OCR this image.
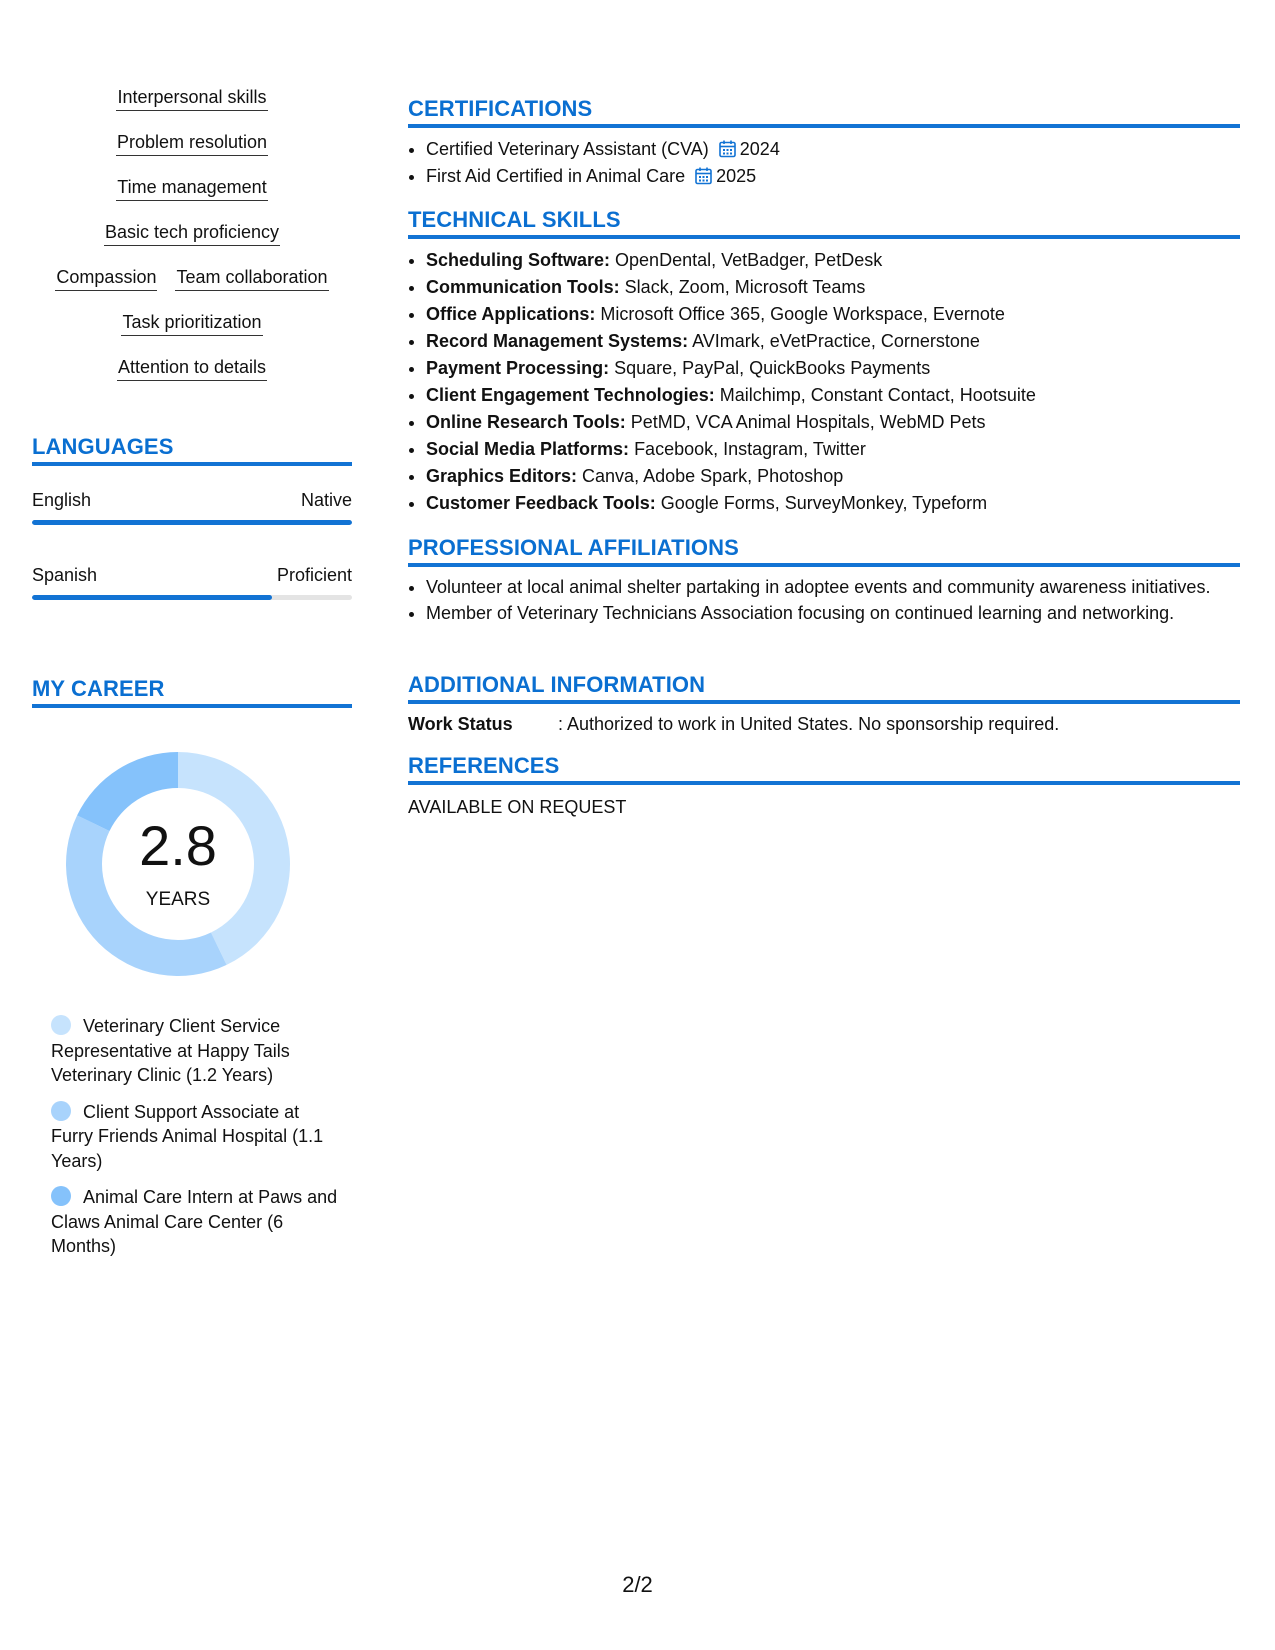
Interpersonal skills
Problem resolution
Time management
Basic tech proficiency
Compassion Team collaboration
Task prioritization
Attention to details
LANGUAGES
English	Native
Spanish	Proficient
MY CAREER
2.8
YEARS
Veterinary Client Service Representative at Happy Tails Veterinary Clinic (1.2 Years)
Client Support Associate at Furry Friends Animal Hospital (1.1 Years)
Animal Care Intern at Paws and Claws Animal Care Center (6 Months)
CERTIFICATIONS
• Certified Veterinary Assistant (CVA) 2024
• First Aid Certified in Animal Care 2025
TECHNICAL SKILLS
• Scheduling Software: OpenDental, VetBadger, PetDesk
• Communication Tools: Slack, Zoom, Microsoft Teams
• Office Applications: Microsoft Office 365, Google Workspace, Evernote
• Record Management Systems: AVImark, eVetPractice, Cornerstone
• Payment Processing: Square, PayPal, QuickBooks Payments
• Client Engagement Technologies: Mailchimp, Constant Contact, Hootsuite
• Online Research Tools: PetMD, VCA Animal Hospitals, WebMD Pets
• Social Media Platforms: Facebook, Instagram, Twitter
• Graphics Editors: Canva, Adobe Spark, Photoshop
• Customer Feedback Tools: Google Forms, SurveyMonkey, Typeform
PROFESSIONAL AFFILIATIONS
• Volunteer at local animal shelter partaking in adoptee events and community awareness initiatives.
• Member of Veterinary Technicians Association focusing on continued learning and networking.
ADDITIONAL INFORMATION
Work Status	: Authorized to work in United States. No sponsorship required.
REFERENCES
AVAILABLE ON REQUEST
2/2
